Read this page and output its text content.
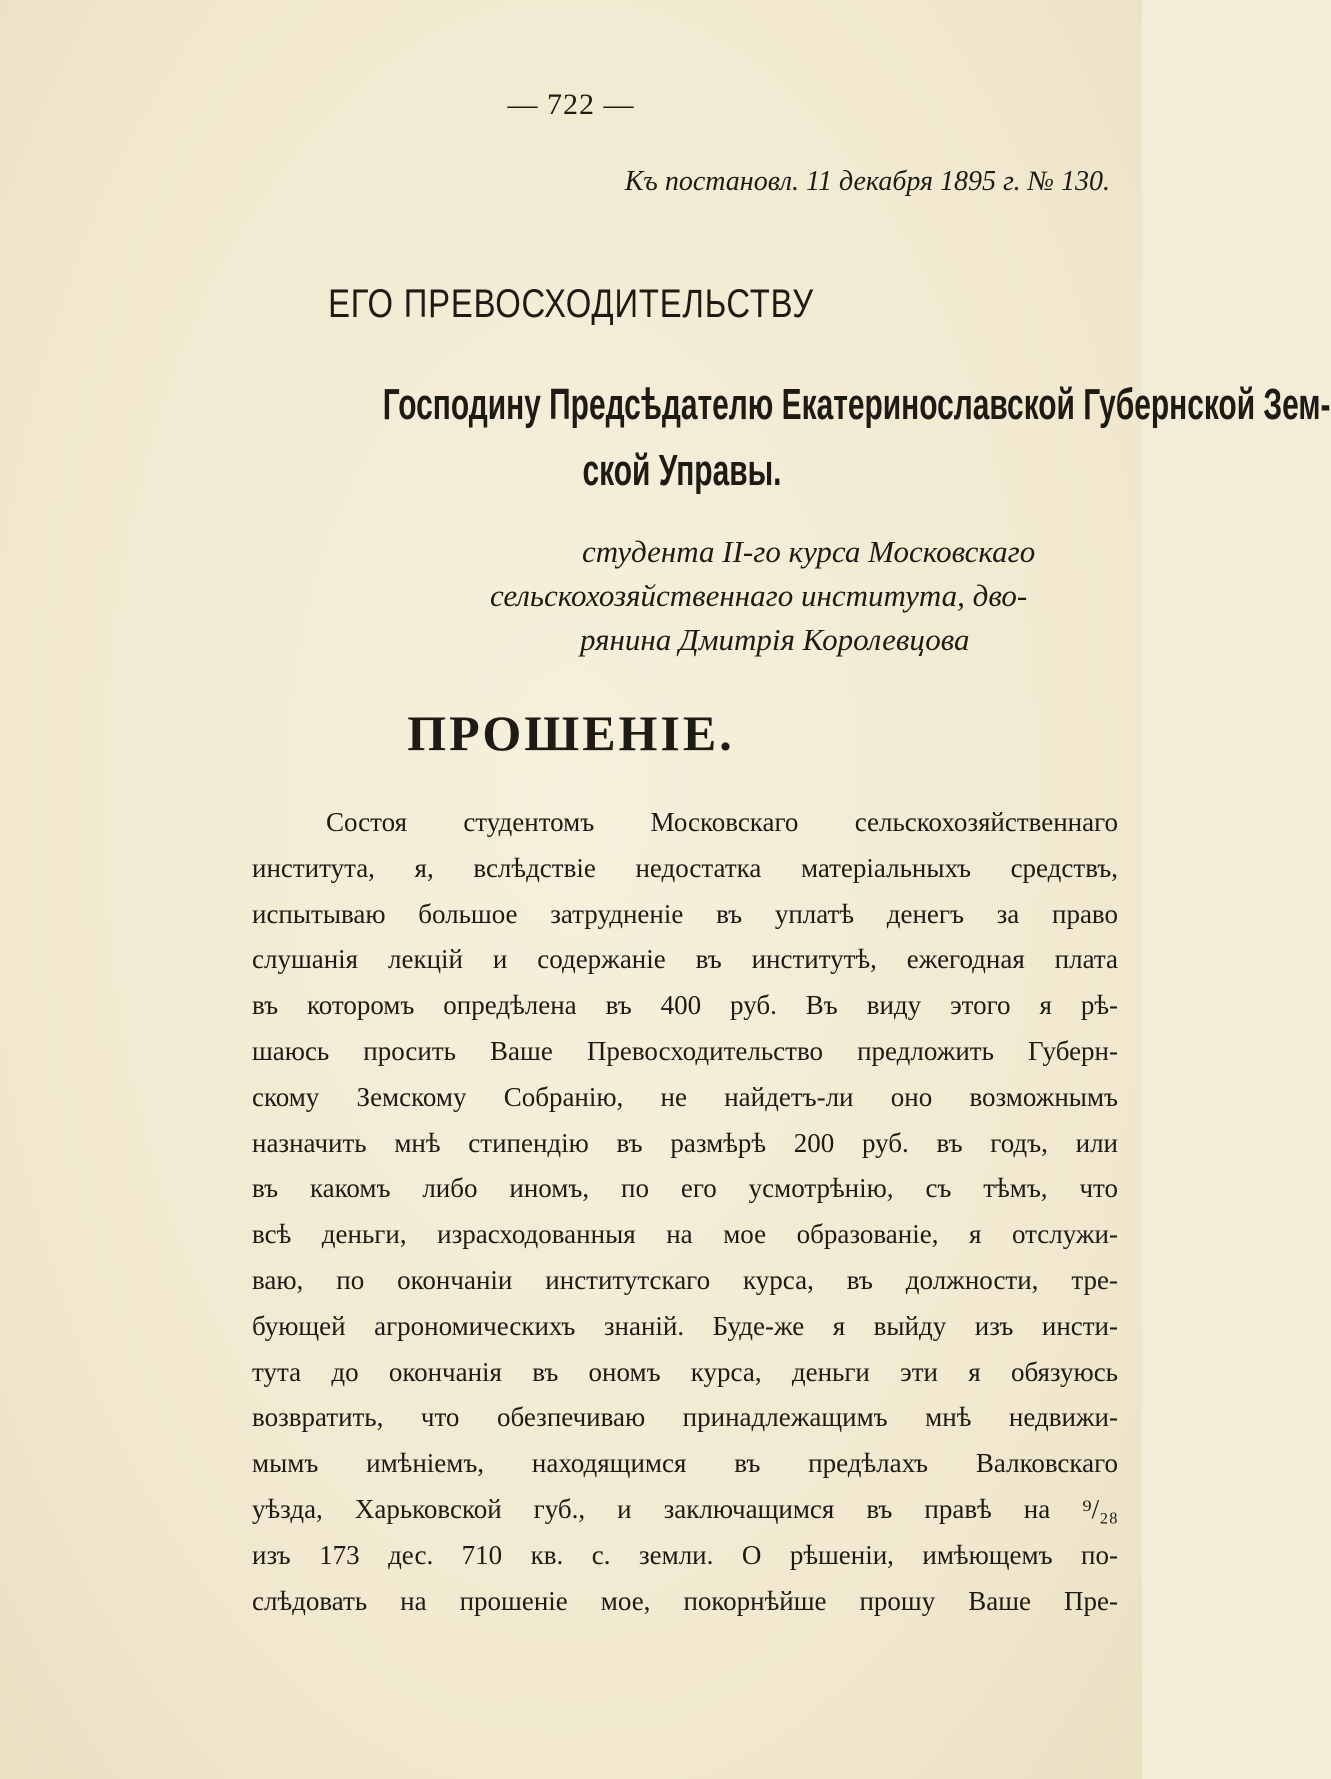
— 722 —
Къ постановл. 11 декабря 1895 г. № 130.
ЕГО ПРЕВОСХОДИТЕЛЬСТВУ
Господину Предсѣдателю Екатеринославской Губернской Зем-
ской Управы.
студента II-го курса Московскаго
сельскохозяйственнаго института, дво-
рянина Дмитрія Королевцова
ПРОШЕНІЕ.
Состоя студентомъ Московскаго сельскохозяйственнаго
института, я, вслѣдствіе недостатка матеріальныхъ средствъ,
испытываю большое затрудненіе въ уплатѣ денегъ за право
слушанія лекцій и содержаніе въ институтѣ, ежегодная плата
въ которомъ опредѣлена въ 400 руб. Въ виду этого я рѣ-
шаюсь просить Ваше Превосходительство предложить Губерн-
скому Земскому Собранію, не найдетъ-ли оно возможнымъ
назначить мнѣ стипендію въ размѣрѣ 200 руб. въ годъ, или
въ какомъ либо иномъ, по его усмотрѣнію, съ тѣмъ, что
всѣ деньги, израсходованныя на мое образованіе, я отслужи-
ваю, по окончаніи институтскаго курса, въ должности, тре-
бующей агрономическихъ знаній. Буде-же я выйду изъ инсти-
тута до окончанія въ ономъ курса, деньги эти я обязуюсь
возвратить, что обезпечиваю принадлежащимъ мнѣ недвижи-
мымъ имѣніемъ, находящимся въ предѣлахъ Валковскаго
уѣзда, Харьковской губ., и заключащимся въ правѣ на ⁹/₂₈
изъ 173 дес. 710 кв. с. земли. О рѣшеніи, имѣющемъ по-
слѣдовать на прошеніе мое, покорнѣйше прошу Ваше Пре-
